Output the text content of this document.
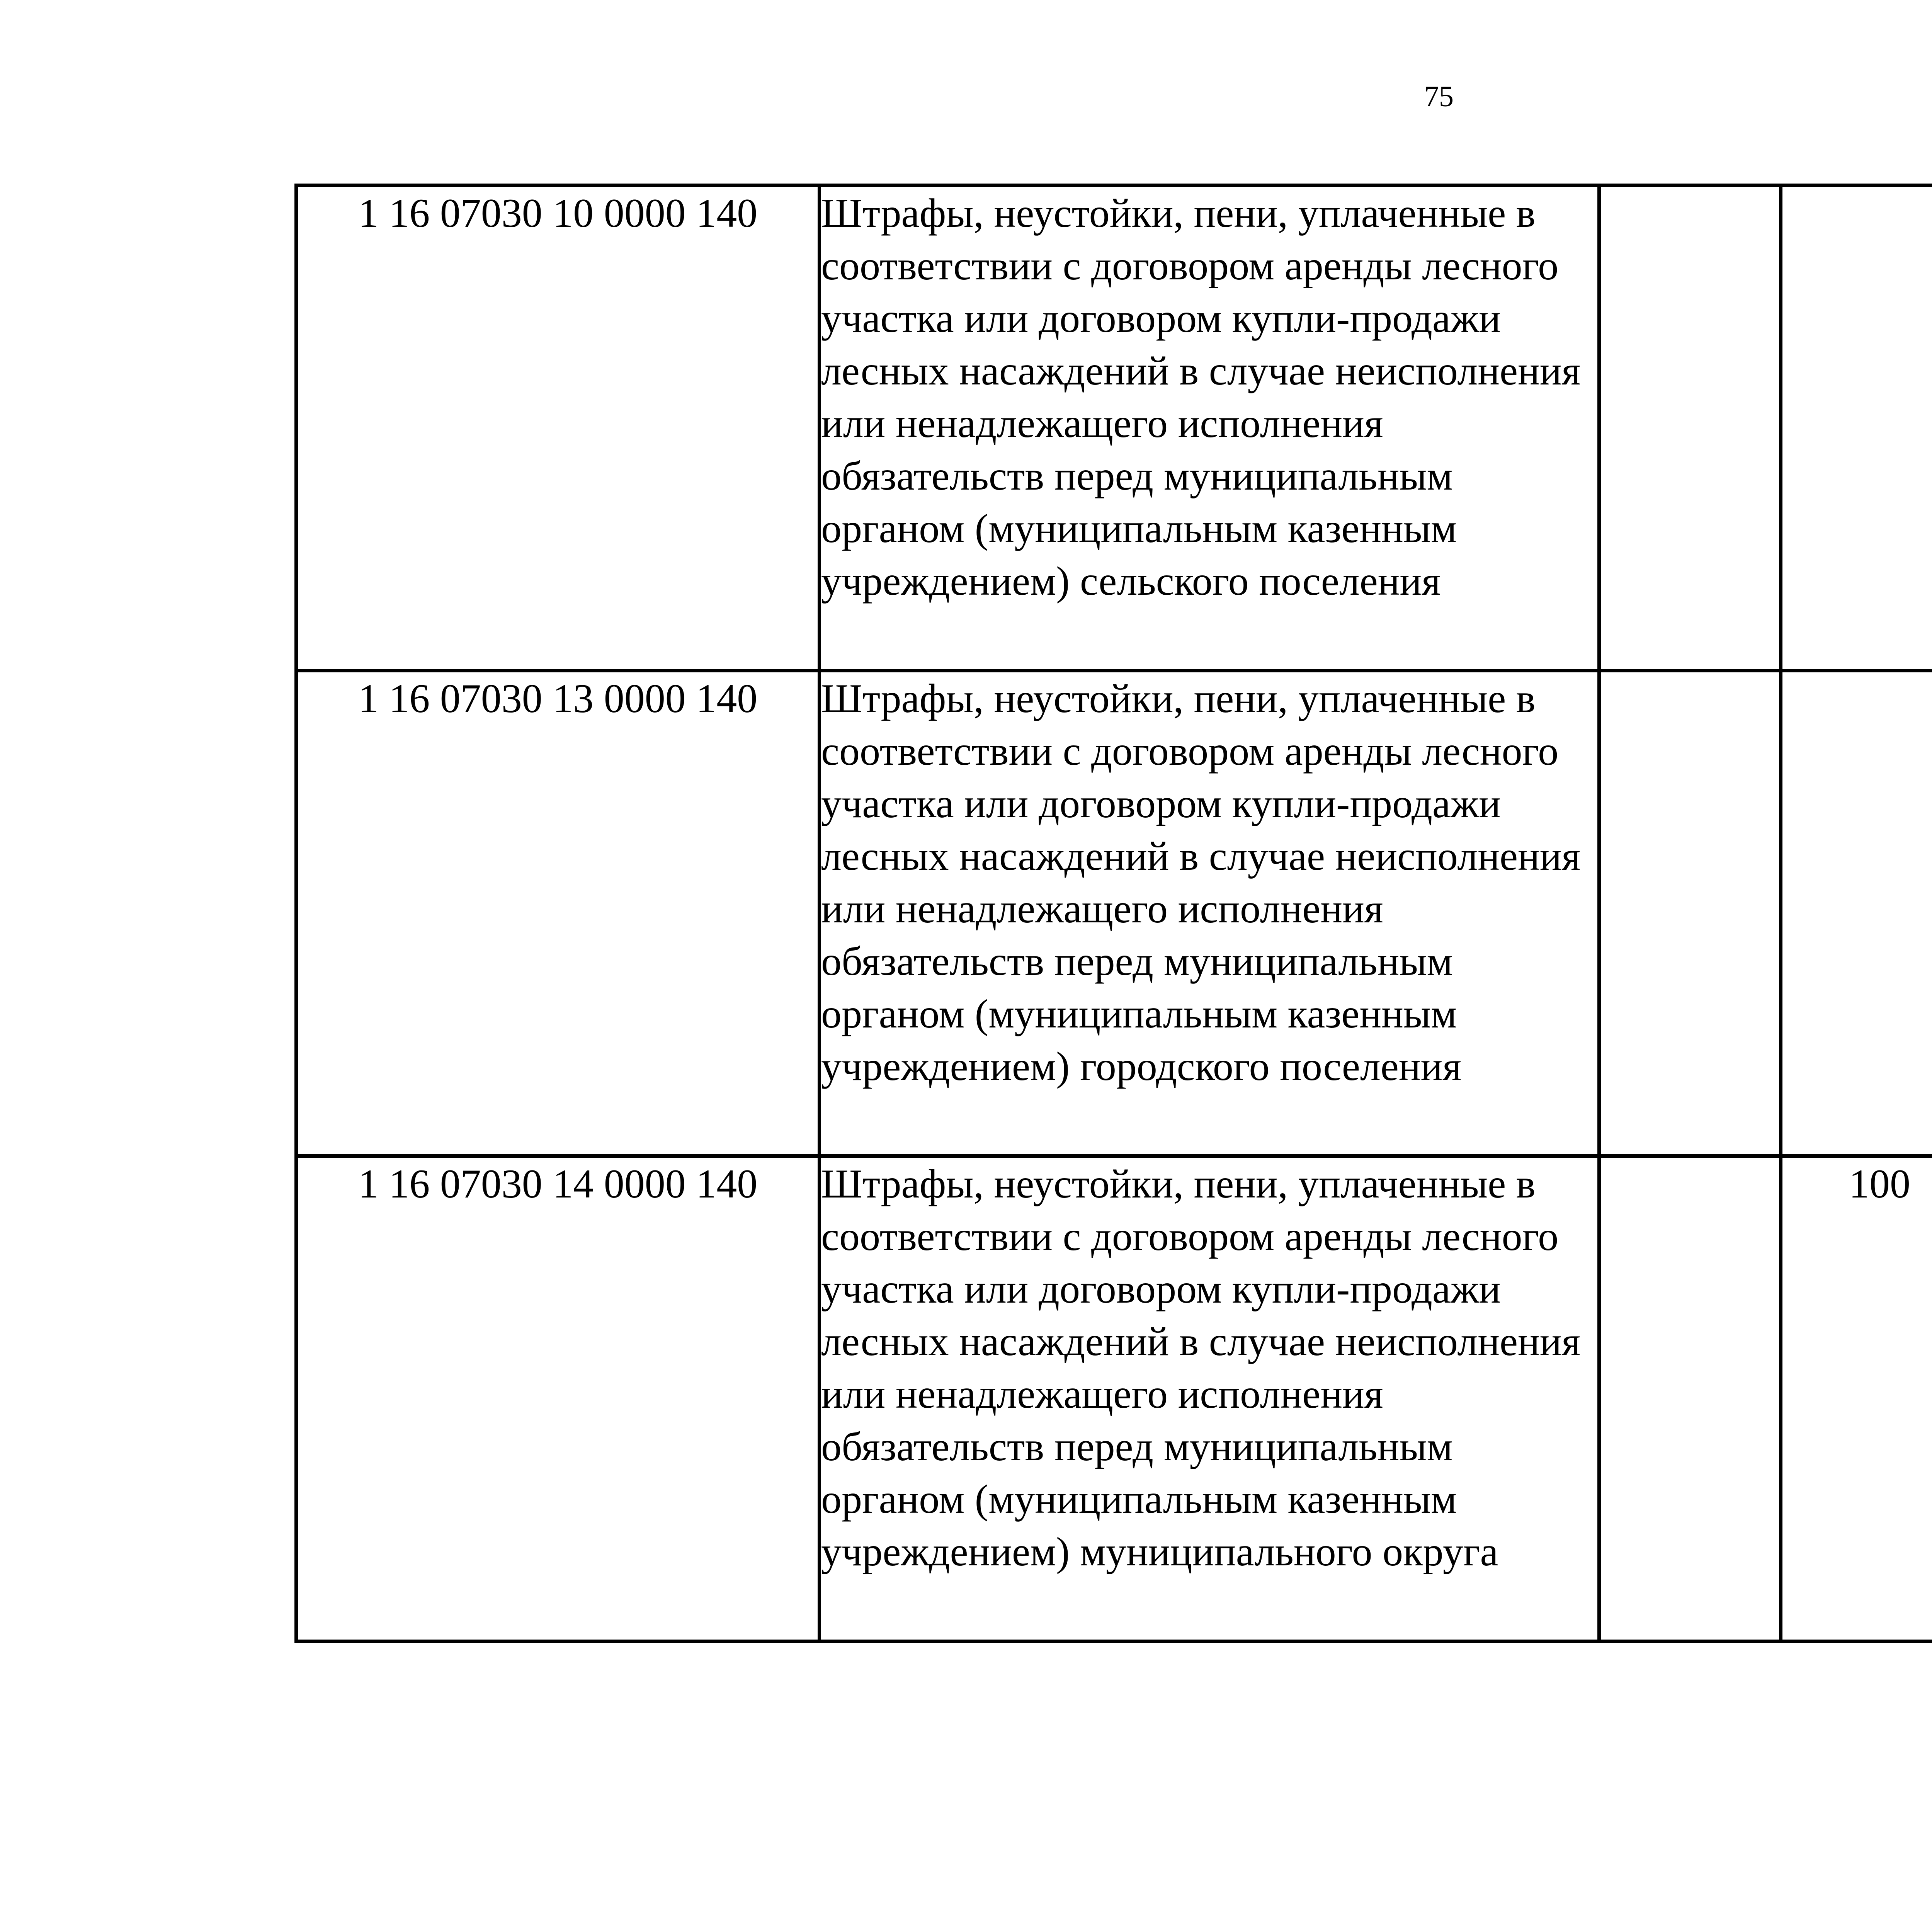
75
1 16 07030 10 0000 140	Штрафы, неустойки, пени, уплаченные в соответствии с договором аренды лесного участка или договором купли-продажи лесных насаждений в случае неисполнения или ненадлежащего исполнения обязательств перед муниципальным органом (муниципальным казенным учреждением) сельского поселения					
1 16 07030 13 0000 140	Штрафы, неустойки, пени, уплаченные в соответствии с договором аренды лесного участка или договором купли-продажи лесных насаждений в случае неисполнения или ненадлежащего исполнения обязательств перед муниципальным органом (муниципальным казенным учреждением) городского поселения					
1 16 07030 14 0000 140	Штрафы, неустойки, пени, уплаченные в соответствии с договором аренды лесного участка или договором купли-продажи лесных насаждений в случае неисполнения или ненадлежащего исполнения обязательств перед муниципальным органом (муниципальным казенным учреждением) муниципального округа		100			
